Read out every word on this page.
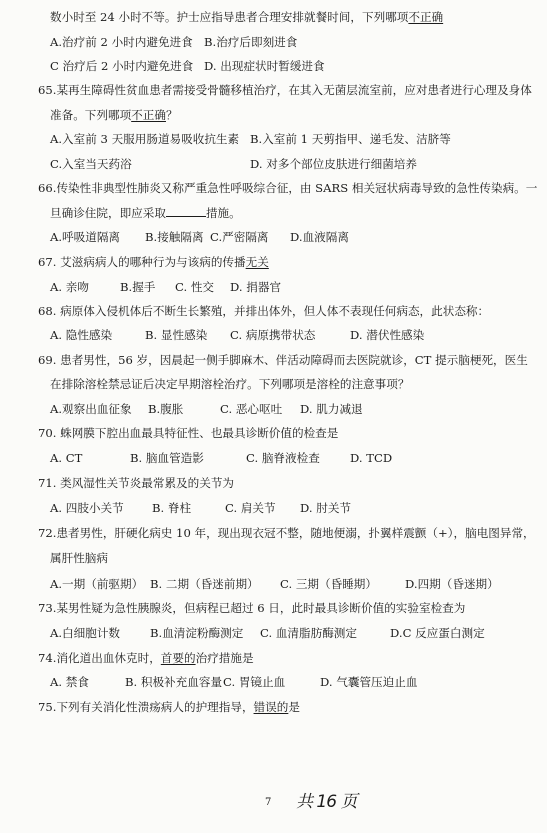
数小时至 24 小时不等。护士应指导患者合理安排就餐时间，下列哪项不正确
A.治疗前 2 小时内避免进食 B.治疗后即刻进食
C 治疗后 2 小时内避免进食 D. 出现症状时暂缓进食
65.某再生障碍性贫血患者需接受骨髓移植治疗，在其入无菌层流室前，应对患者进行心理及身体
准备。下列哪项不正确？
A.入室前 3 天服用肠道易吸收抗生素 B.入室前 1 天剪指甲、递毛发、洁脐等
C.入室当天药浴	D. 对多个部位皮肤进行细菌培养
66.传染性非典型性肺炎又称严重急性呼吸综合征，由 SARS 相关冠状病毒导致的急性传染病。一
旦确诊住院，即应采取	措施。
A.呼吸道隔离 B.接触隔离 C.严密隔离 D.血液隔离
67. 艾滋病病人的哪种行为与该病的传播无关
A. 亲吻	B.握手 C. 性交 D. 捐器官
68. 病原体入侵机体后不断生长繁殖，并排出体外，但人体不表现任何病态，此状态称：
A. 隐性感染	B. 显性感染 C. 病原携带状态	D. 潜伏性感染
69. 患者男性，56 岁，因晨起一侧手脚麻木、伴活动障碍而去医院就诊，CT 提示脑梗死，医生
在排除溶栓禁忌证后决定早期溶栓治疗。下列哪项是溶栓的注意事项？
A.观察出血征象 B.腹胀	C. 恶心呕吐 D. 肌力减退
70. 蛛网膜下腔出血最具特征性、也最具诊断价值的检查是
A. CT	B. 脑血管造影	C. 脑脊液检查	D. TCD
71. 类风湿性关节炎最常累及的关节为
A. 四肢小关节 B. 脊柱	C. 肩关节 D. 肘关节
72.患者男性，肝硬化病史 10 年，现出现衣冠不整，随地便溺，扑翼样震颤（+），脑电图异常，
属肝性脑病
A.一期（前驱期） B. 二期（昏迷前期） C. 三期（昏睡期） D.四期（昏迷期）
73.某男性疑为急性胰腺炎，但病程已超过 6 日，此时最具诊断价值的实验室检查为
A.白细胞计数	B.血清淀粉酶测定 C. 血清脂肪酶测定	D.C 反应蛋白测定
74.消化道出血休克时，首要的治疗措施是
A. 禁食	B. 积极补充血容量 C. 胃镜止血	D. 气囊管压迫止血
75.下列有关消化性溃疡病人的护理指导，错误的是
7 共 16 页
